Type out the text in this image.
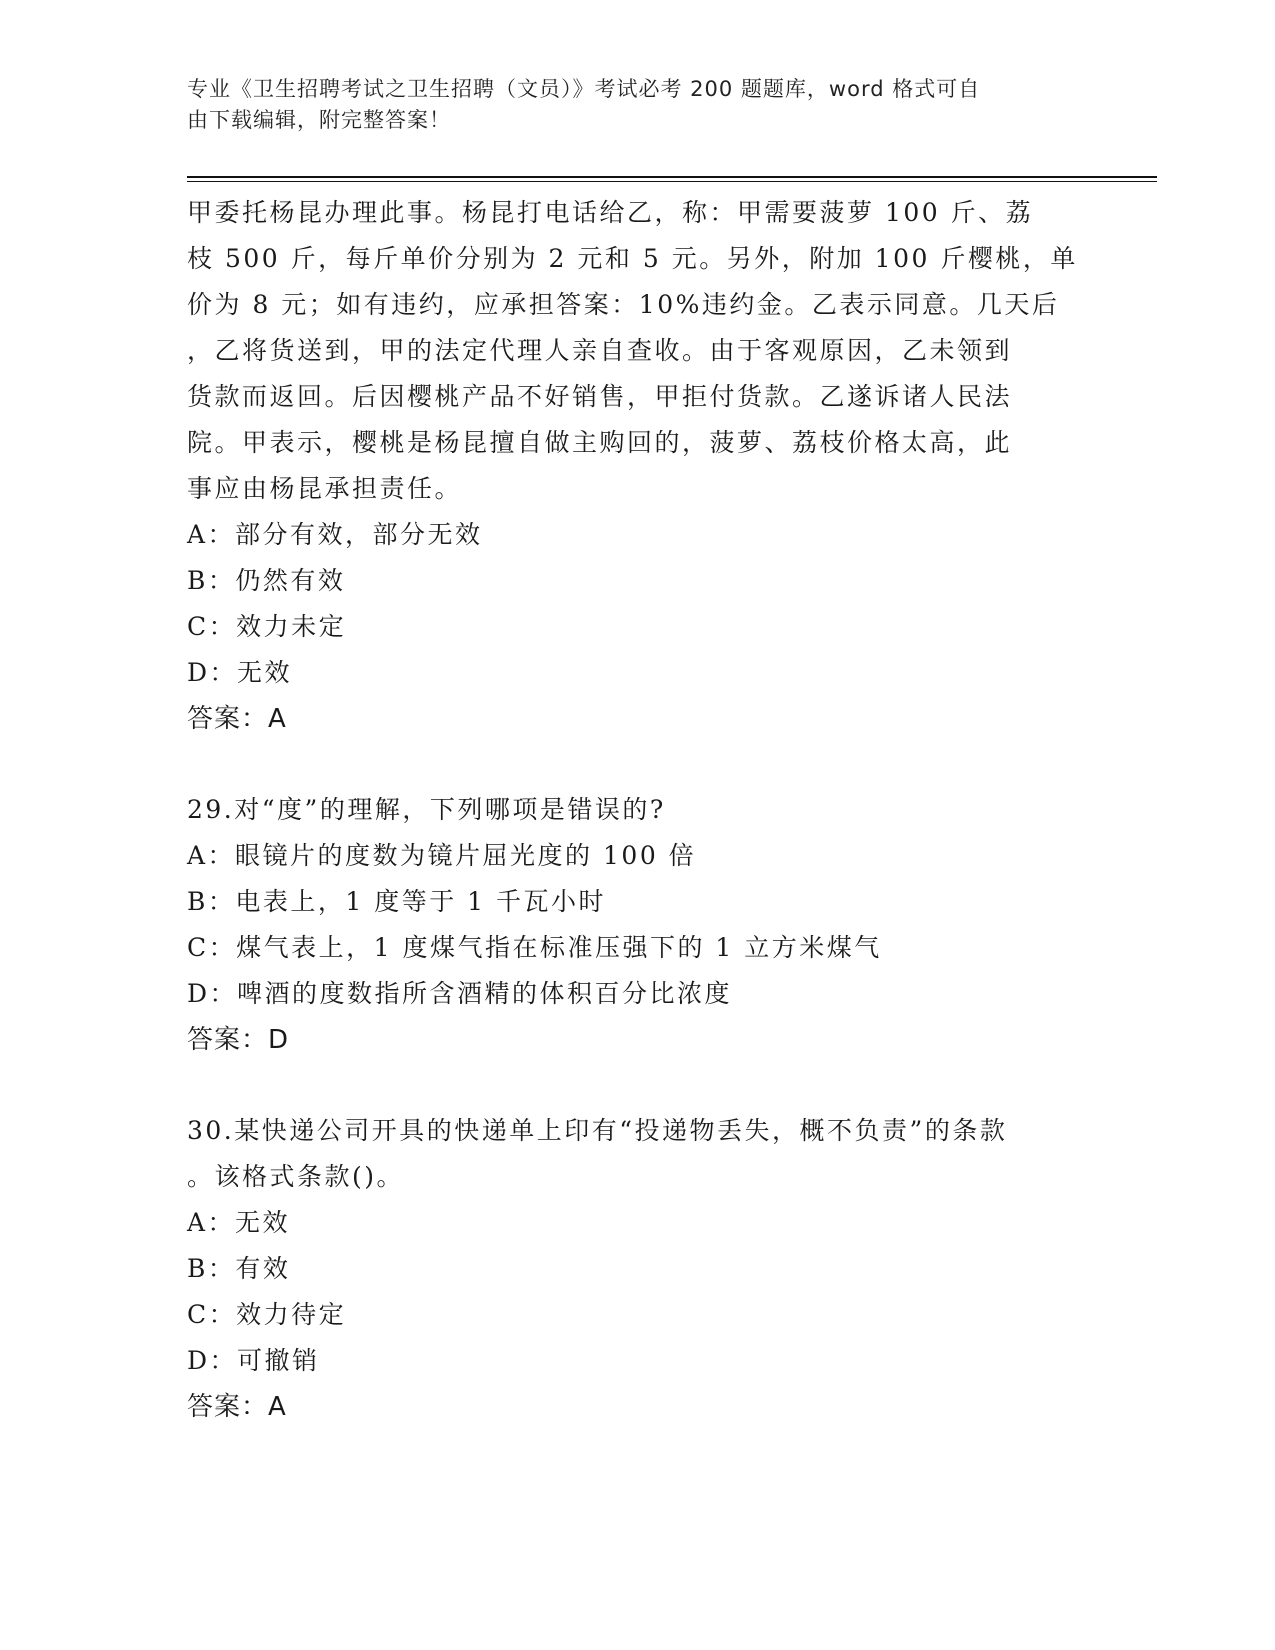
专业《卫生招聘考试之卫生招聘（文员）》考试必考 200 题题库，word 格式可自
由下载编辑，附完整答案！
甲委托杨昆办理此事。杨昆打电话给乙，称：甲需要菠萝 100 斤、荔
枝 500 斤，每斤单价分别为 2 元和 5 元。另外，附加 100 斤樱桃，单
价为 8 元；如有违约，应承担答案：10%违约金。乙表示同意。几天后
，乙将货送到，甲的法定代理人亲自查收。由于客观原因，乙未领到
货款而返回。后因樱桃产品不好销售，甲拒付货款。乙遂诉诸人民法
院。甲表示，樱桃是杨昆擅自做主购回的，菠萝、荔枝价格太高，此
事应由杨昆承担责任。
A：部分有效，部分无效
B：仍然有效
C：效力未定
D：无效
答案：A
29.对“度”的理解，下列哪项是错误的?
A：眼镜片的度数为镜片屈光度的 100 倍
B：电表上，1 度等于 1 千瓦小时
C：煤气表上，1 度煤气指在标准压强下的 1 立方米煤气
D：啤酒的度数指所含酒精的体积百分比浓度
答案：D
30.某快递公司开具的快递单上印有“投递物丢失，概不负责”的条款
。该格式条款()。
A：无效
B：有效
C：效力待定
D：可撤销
答案：A
